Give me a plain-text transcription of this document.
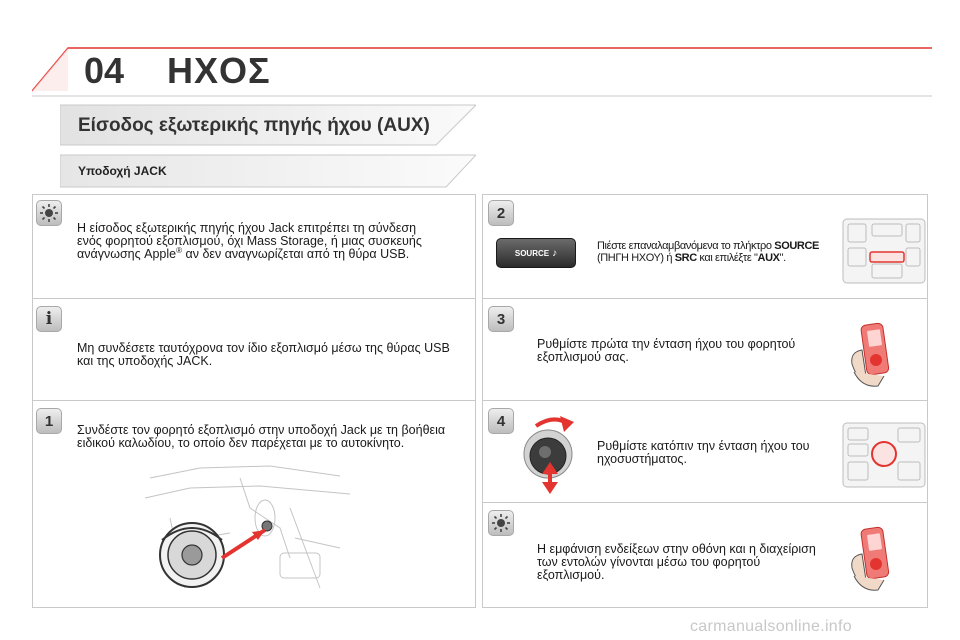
04 ΗΧΟΣ
Είσοδος εξωτερικής πηγής ήχου (AUX)
Υποδοχή JACK
Η είσοδος εξωτερικής πηγής ήχου Jack επιτρέπει τη σύνδεση
ενός φορητού εξοπλισμού, όχι Mass Storage, ή μιας συσκευής
ανάγνωσης Apple® αν δεν αναγνωρίζεται από τη θύρα USB.
i
Μη συνδέσετε ταυτόχρονα τον ίδιο εξοπλισμό μέσω της θύρας USB
και της υποδοχής JACK.
1
Συνδέστε τον φορητό εξοπλισμό στην υποδοχή Jack με τη βοήθεια
ειδικού καλωδίου, το οποίο δεν παρέχεται με το αυτοκίνητο.
2
SOURCE ♪
Πιέστε επαναλαμβανόμενα το πλήκτρο SOURCE
(ΠΗΓΗ ΗΧΟΥ) ή SRC και επιλέξτε "AUX".
3
Ρυθμίστε πρώτα την ένταση ήχου του φορητού
εξοπλισμού σας.
4
Ρυθμίστε κατόπιν την ένταση ήχου του
ηχοσυστήματος.
Η εμφάνιση ενδείξεων στην οθόνη και η διαχείριση
των εντολών γίνονται μέσω του φορητού
εξοπλισμού.
carmanualsonline.info
